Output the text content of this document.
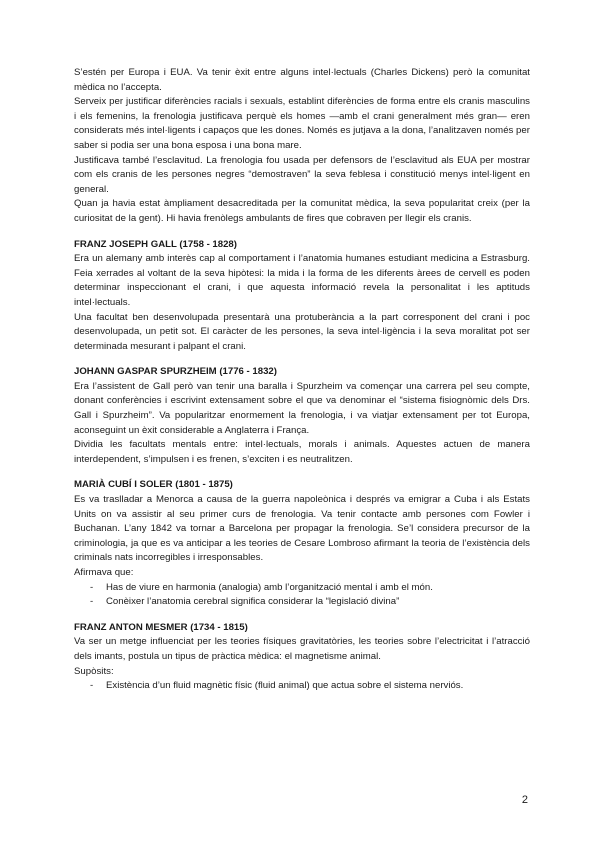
S’estén per Europa i EUA. Va tenir èxit entre alguns intel·lectuals (Charles Dickens) però la comunitat mèdica no l’accepta.

Serveix per justificar diferències racials i sexuals, establint diferències de forma entre els cranis masculins i els femenins, la frenologia justificava perquè els homes —amb el crani generalment més gran— eren considerats més intel·ligents i capaços que les dones. Només es jutjava a la dona, l’analitzaven només per saber si podia ser una bona esposa i una bona mare.

Justificava també l’esclavitud. La frenologia fou usada per defensors de l’esclavitud als EUA per mostrar com els cranis de les persones negres “demostraven” la seva feblesa i constitució menys intel·ligent en general.

Quan ja havia estat àmpliament desacreditada per la comunitat mèdica, la seva popularitat creix (per la curiositat de la gent). Hi havia frenòlegs ambulants de fires que cobraven per llegir els cranis.

FRANZ JOSEPH GALL (1758 - 1828)

Era un alemany amb interès cap al comportament i l’anatomia humanes estudiant medicina a Estrasburg. Feia xerrades al voltant de la seva hipòtesi: la mida i la forma de les diferents àrees de cervell es poden determinar inspeccionant el crani, i que aquesta informació revela la personalitat i les aptituds intel·lectuals.

Una facultat ben desenvolupada presentarà una protuberància a la part corresponent del crani i poc desenvolupada, un petit sot. El caràcter de les persones, la seva intel·ligència i la seva moralitat pot ser determinada mesurant i palpant el crani.

JOHANN GASPAR SPURZHEIM (1776 - 1832)

Era l’assistent de Gall però van tenir una baralla i Spurzheim va començar una carrera pel seu compte, donant conferències i escrivint extensament sobre el que va denominar el “sistema fisiognòmic dels Drs. Gall i Spurzheim”. Va popularitzar enormement la frenologia, i va viatjar extensament per tot Europa, aconseguint un èxit considerable a Anglaterra i França.

Dividia les facultats mentals entre: intel·lectuals, morals i animals. Aquestes actuen de manera interdependent, s’impulsen i es frenen, s’exciten i es neutralitzen.

MARIÀ CUBÍ I SOLER (1801 - 1875)

Es va traslladar a Menorca a causa de la guerra napoleònica i després va emigrar a Cuba i als Estats Units on va assistir al seu primer curs de frenologia. Va tenir contacte amb persones com Fowler i Buchanan. L’any 1842 va tornar a Barcelona per propagar la frenologia. Se’l considera precursor de la criminologia, ja que es va anticipar a les teories de Cesare Lombroso afirmant la teoria de l’existència dels criminals nats incorregibles i irresponsables.

Afirmava que:

- Has de viure en harmonia (analogia) amb l’organització mental i amb el món.
- Conèixer l’anatomia cerebral significa considerar la “legislació divina”
FRANZ ANTON MESMER (1734 - 1815)

Va ser un metge influenciat per les teories físiques gravitatòries, les teories sobre l’electricitat i l’atracció dels imants, postula un tipus de pràctica mèdica: el magnetisme animal.

Supòsits:

- Existència d’un fluid magnètic físic (fluid animal) que actua sobre el sistema nerviós.
2
